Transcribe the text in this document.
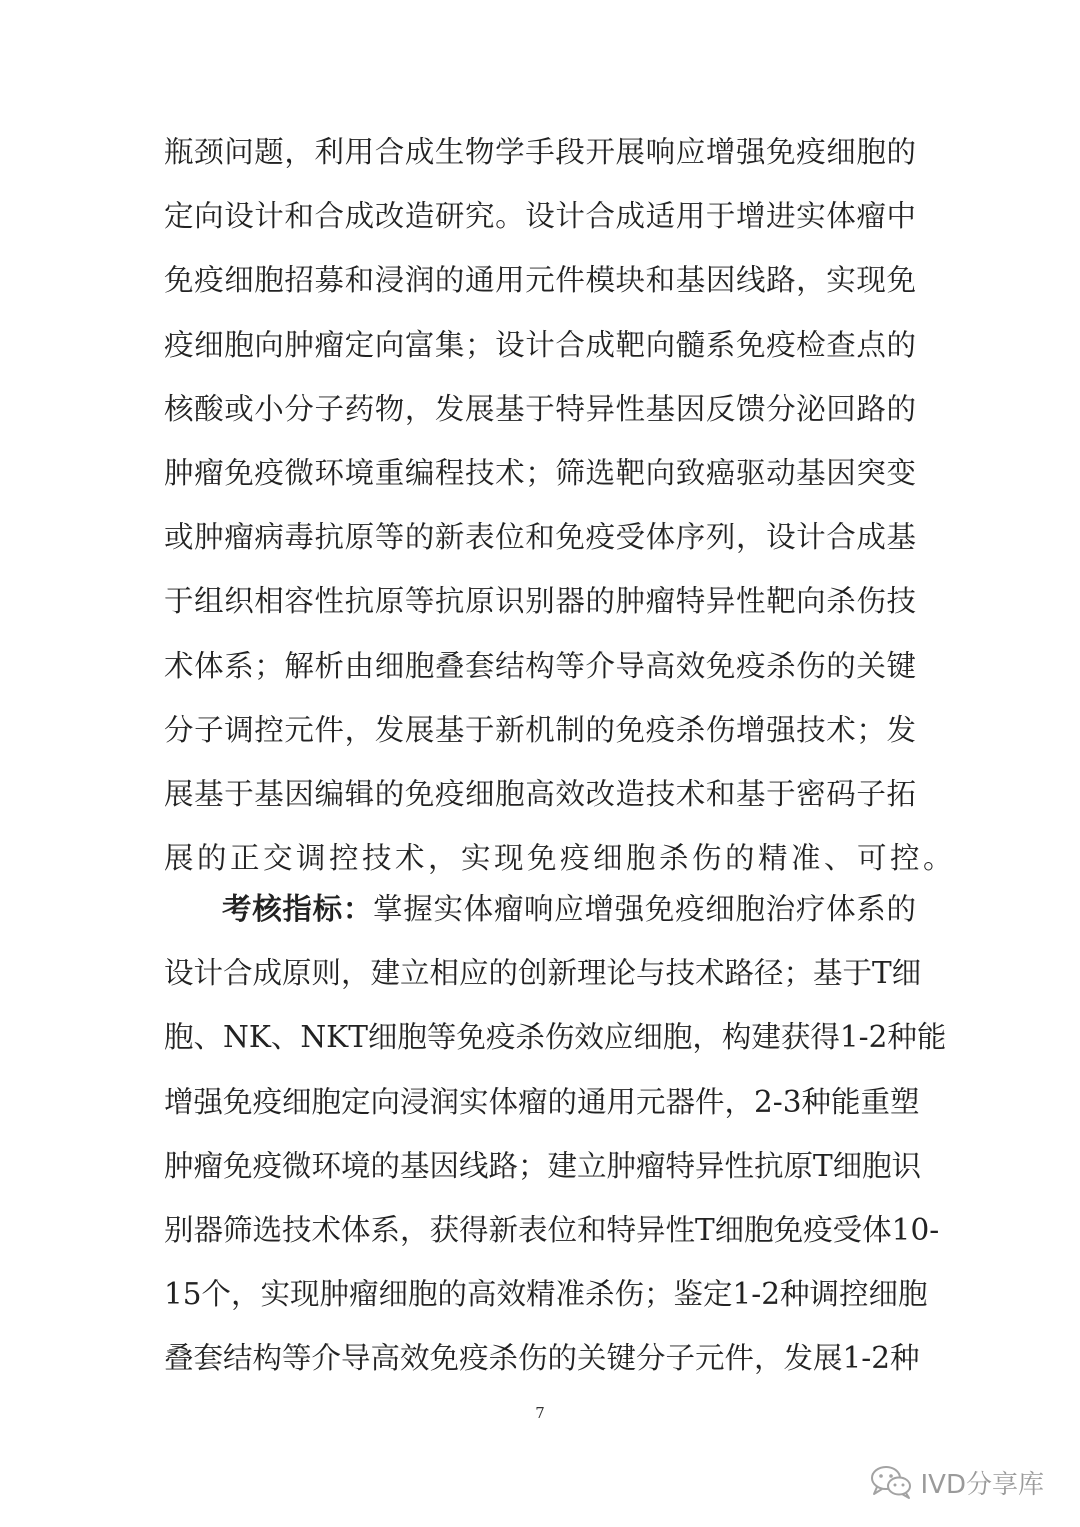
瓶颈问题，利用合成生物学手段开展响应增强免疫细胞的
定向设计和合成改造研究。设计合成适用于增进实体瘤中
免疫细胞招募和浸润的通用元件模块和基因线路，实现免
疫细胞向肿瘤定向富集；设计合成靶向髓系免疫检查点的
核酸或小分子药物，发展基于特异性基因反馈分泌回路的
肿瘤免疫微环境重编程技术；筛选靶向致癌驱动基因突变
或肿瘤病毒抗原等的新表位和免疫受体序列，设计合成基
于组织相容性抗原等抗原识别器的肿瘤特异性靶向杀伤技
术体系；解析由细胞叠套结构等介导高效免疫杀伤的关键
分子调控元件，发展基于新机制的免疫杀伤增强技术；发
展基于基因编辑的免疫细胞高效改造技术和基于密码子拓
展的正交调控技术，实现免疫细胞杀伤的精准、可控。
考核指标：掌握实体瘤响应增强免疫细胞治疗体系的
设计合成原则，建立相应的创新理论与技术路径；基于T细
胞、NK、NKT细胞等免疫杀伤效应细胞，构建获得1-2种能
增强免疫细胞定向浸润实体瘤的通用元器件，2-3种能重塑
肿瘤免疫微环境的基因线路；建立肿瘤特异性抗原T细胞识
别器筛选技术体系，获得新表位和特异性T细胞免疫受体10-
15个，实现肿瘤细胞的高效精准杀伤；鉴定1-2种调控细胞
叠套结构等介导高效免疫杀伤的关键分子元件，发展1-2种
7
IVD分享库
